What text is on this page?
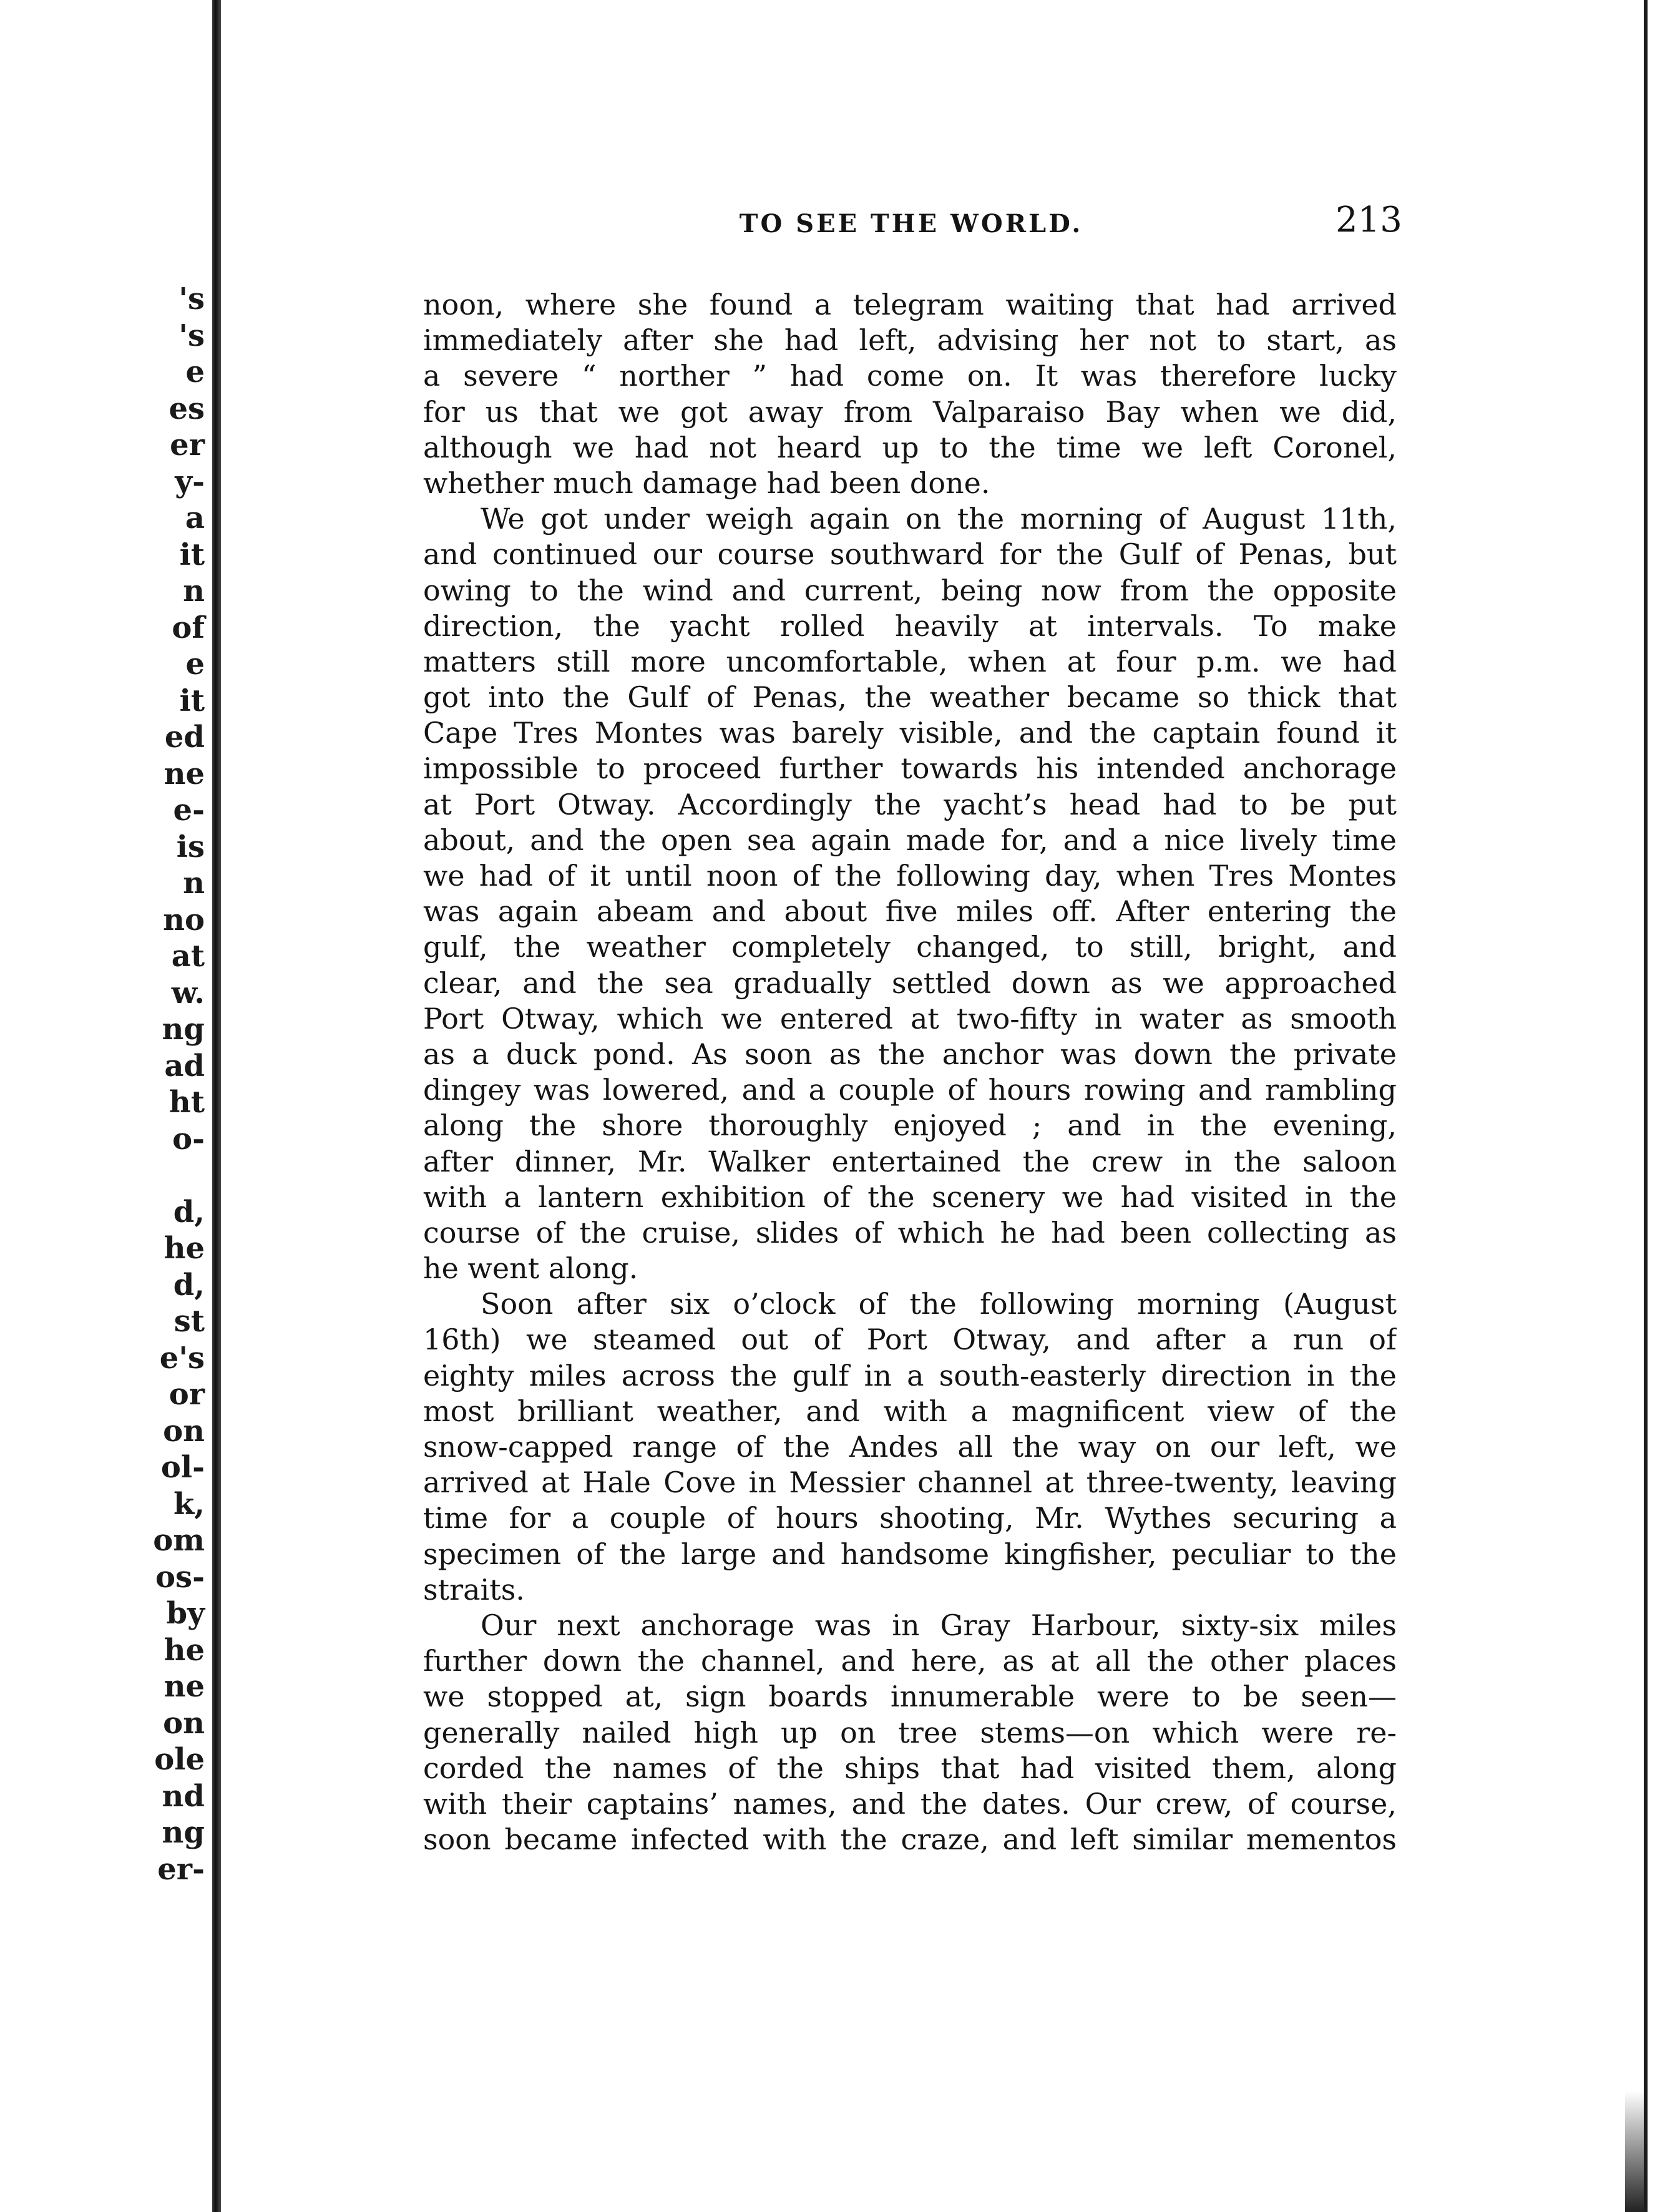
's
's
e
es
er
y-
a
it
n
of
e
it
ed
ne
e-
is
n
no
at
w.
ng
ad
ht
o-
d,
he
d,
st
e's
or
on
ol-
k,
om
os-
by
he
ne
on
ole
nd
ng
er-
TO SEE THE WORLD.	213
noon, where she found a telegram waiting that had arrived
immediately after she had left, advising her not to start, as
a severe “ norther ” had come on. It was therefore lucky
for us that we got away from Valparaiso Bay when we did,
although we had not heard up to the time we left Coronel,
whether much damage had been done.
We got under weigh again on the morning of August 11th,
and continued our course southward for the Gulf of Penas, but
owing to the wind and current, being now from the opposite
direction, the yacht rolled heavily at intervals. To make
matters still more uncomfortable, when at four p.m. we had
got into the Gulf of Penas, the weather became so thick that
Cape Tres Montes was barely visible, and the captain found it
impossible to proceed further towards his intended anchorage
at Port Otway. Accordingly the yacht’s head had to be put
about, and the open sea again made for, and a nice lively time
we had of it until noon of the following day, when Tres Montes
was again abeam and about five miles off. After entering the
gulf, the weather completely changed, to still, bright, and
clear, and the sea gradually settled down as we approached
Port Otway, which we entered at two-fifty in water as smooth
as a duck pond. As soon as the anchor was down the private
dingey was lowered, and a couple of hours rowing and rambling
along the shore thoroughly enjoyed ; and in the evening,
after dinner, Mr. Walker entertained the crew in the saloon
with a lantern exhibition of the scenery we had visited in the
course of the cruise, slides of which he had been collecting as
he went along.
Soon after six o’clock of the following morning (August
16th) we steamed out of Port Otway, and after a run of
eighty miles across the gulf in a south-easterly direction in the
most brilliant weather, and with a magnificent view of the
snow-capped range of the Andes all the way on our left, we
arrived at Hale Cove in Messier channel at three-twenty, leaving
time for a couple of hours shooting, Mr. Wythes securing a
specimen of the large and handsome kingfisher, peculiar to the
straits.
Our next anchorage was in Gray Harbour, sixty-six miles
further down the channel, and here, as at all the other places
we stopped at, sign boards innumerable were to be seen—
generally nailed high up on tree stems—on which were re-
corded the names of the ships that had visited them, along
with their captains’ names, and the dates. Our crew, of course,
soon became infected with the craze, and left similar mementos
